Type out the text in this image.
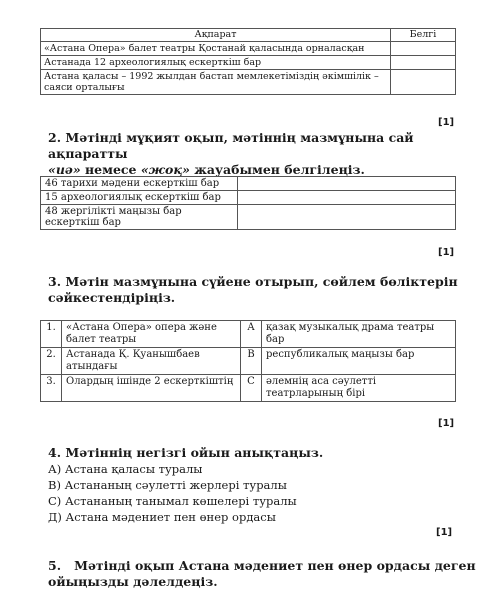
Ақпарат	Белгі
«Астана Опера» балет театры Қостанай қаласында орналасқан	
Астанада 12 археологиялық ескерткіш бар	
Астана қаласы – 1992 жылдан бастап мемлекетіміздің әкімшілік – саяси орталығы	
[1]
2. Мәтінді мұқият оқып, мәтіннің мазмұнына сай ақпаратты
«иә» немесе «жоқ» жауабымен белгілеңіз.
46 тарихи мәдени ескерткіш бар	
15 археологиялық ескерткіш бар	
48 жергілікті маңызы бар ескерткіш бар	
[1]
3. Мәтін мазмұнына сүйене отырып, сөйлем бөліктерін
сәйкестендіріңіз.
1.	«Астана Опера» опера және балет театры	A	қазақ музыкалық драма театры бар
2.	Астанада Қ. Қуанышбаев атындағы	B	республикалық маңызы бар
3.	Олардың ішінде 2 ескерткіштің	C	әлемнің аса сәулетті театрларының бірі
[1]
4. Мәтіннің негізгі ойын анықтаңыз.
А) Астана қаласы туралы
В) Астананың сәулетті жерлері туралы
С) Астананың танымал көшелері туралы
Д) Астана мәдениет пен өнер ордасы
[1]
5.   Мәтінді оқып Астана мәдениет пен өнер ордасы деген
ойыңызды дәлелдеңіз.
